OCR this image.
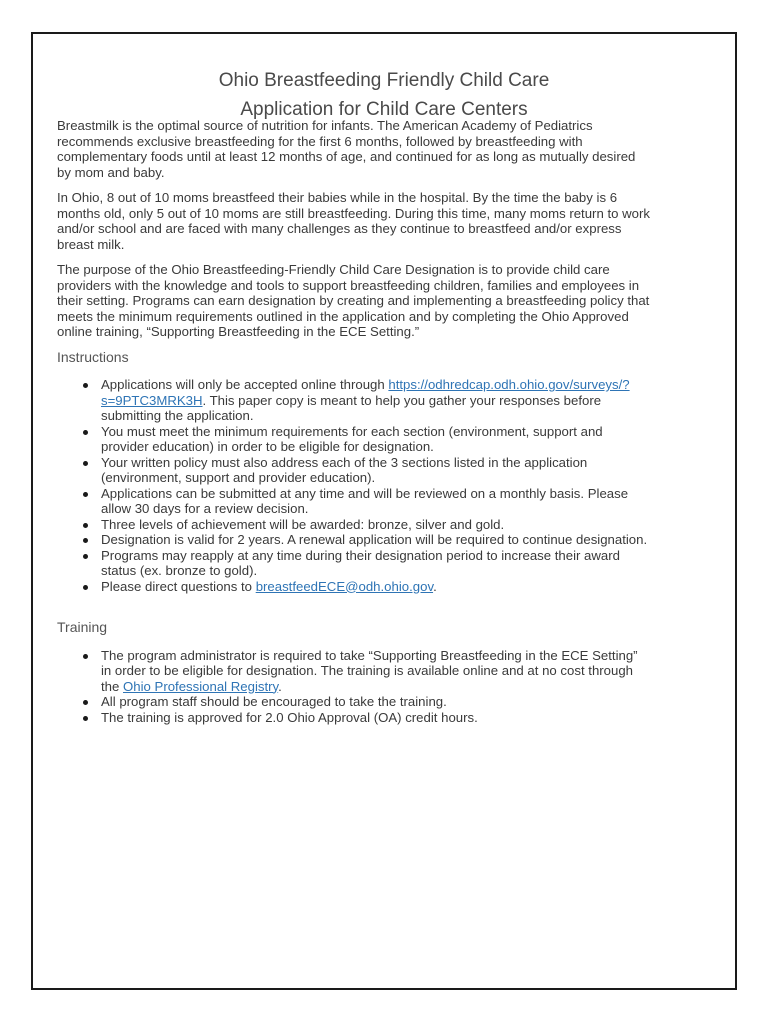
Ohio Breastfeeding Friendly Child Care
Application for Child Care Centers

Breastmilk is the optimal source of nutrition for infants. The American Academy of Pediatrics recommends exclusive breastfeeding for the first 6 months, followed by breastfeeding with complementary foods until at least 12 months of age, and continued for as long as mutually desired by mom and baby.

In Ohio, 8 out of 10 moms breastfeed their babies while in the hospital. By the time the baby is 6 months old, only 5 out of 10 moms are still breastfeeding. During this time, many moms return to work and/or school and are faced with many challenges as they continue to breastfeed and/or express breast milk.

The purpose of the Ohio Breastfeeding-Friendly Child Care Designation is to provide child care providers with the knowledge and tools to support breastfeeding children, families and employees in their setting. Programs can earn designation by creating and implementing a breastfeeding policy that meets the minimum requirements outlined in the application and by completing the Ohio Approved online training, “Supporting Breastfeeding in the ECE Setting.”

Instructions
Applications will only be accepted online through https://odhredcap.odh.ohio.gov/surveys/?s=9PTC3MRK3H. This paper copy is meant to help you gather your responses before submitting the application.
You must meet the minimum requirements for each section (environment, support and provider education) in order to be eligible for designation.
Your written policy must also address each of the 3 sections listed in the application (environment, support and provider education).
Applications can be submitted at any time and will be reviewed on a monthly basis. Please allow 30 days for a review decision.
Three levels of achievement will be awarded: bronze, silver and gold.
Designation is valid for 2 years. A renewal application will be required to continue designation.
Programs may reapply at any time during their designation period to increase their award status (ex. bronze to gold).
Please direct questions to breastfeedECE@odh.ohio.gov.
Training
The program administrator is required to take “Supporting Breastfeeding in the ECE Setting” in order to be eligible for designation. The training is available online and at no cost through the Ohio Professional Registry.
All program staff should be encouraged to take the training.
The training is approved for 2.0 Ohio Approval (OA) credit hours.
